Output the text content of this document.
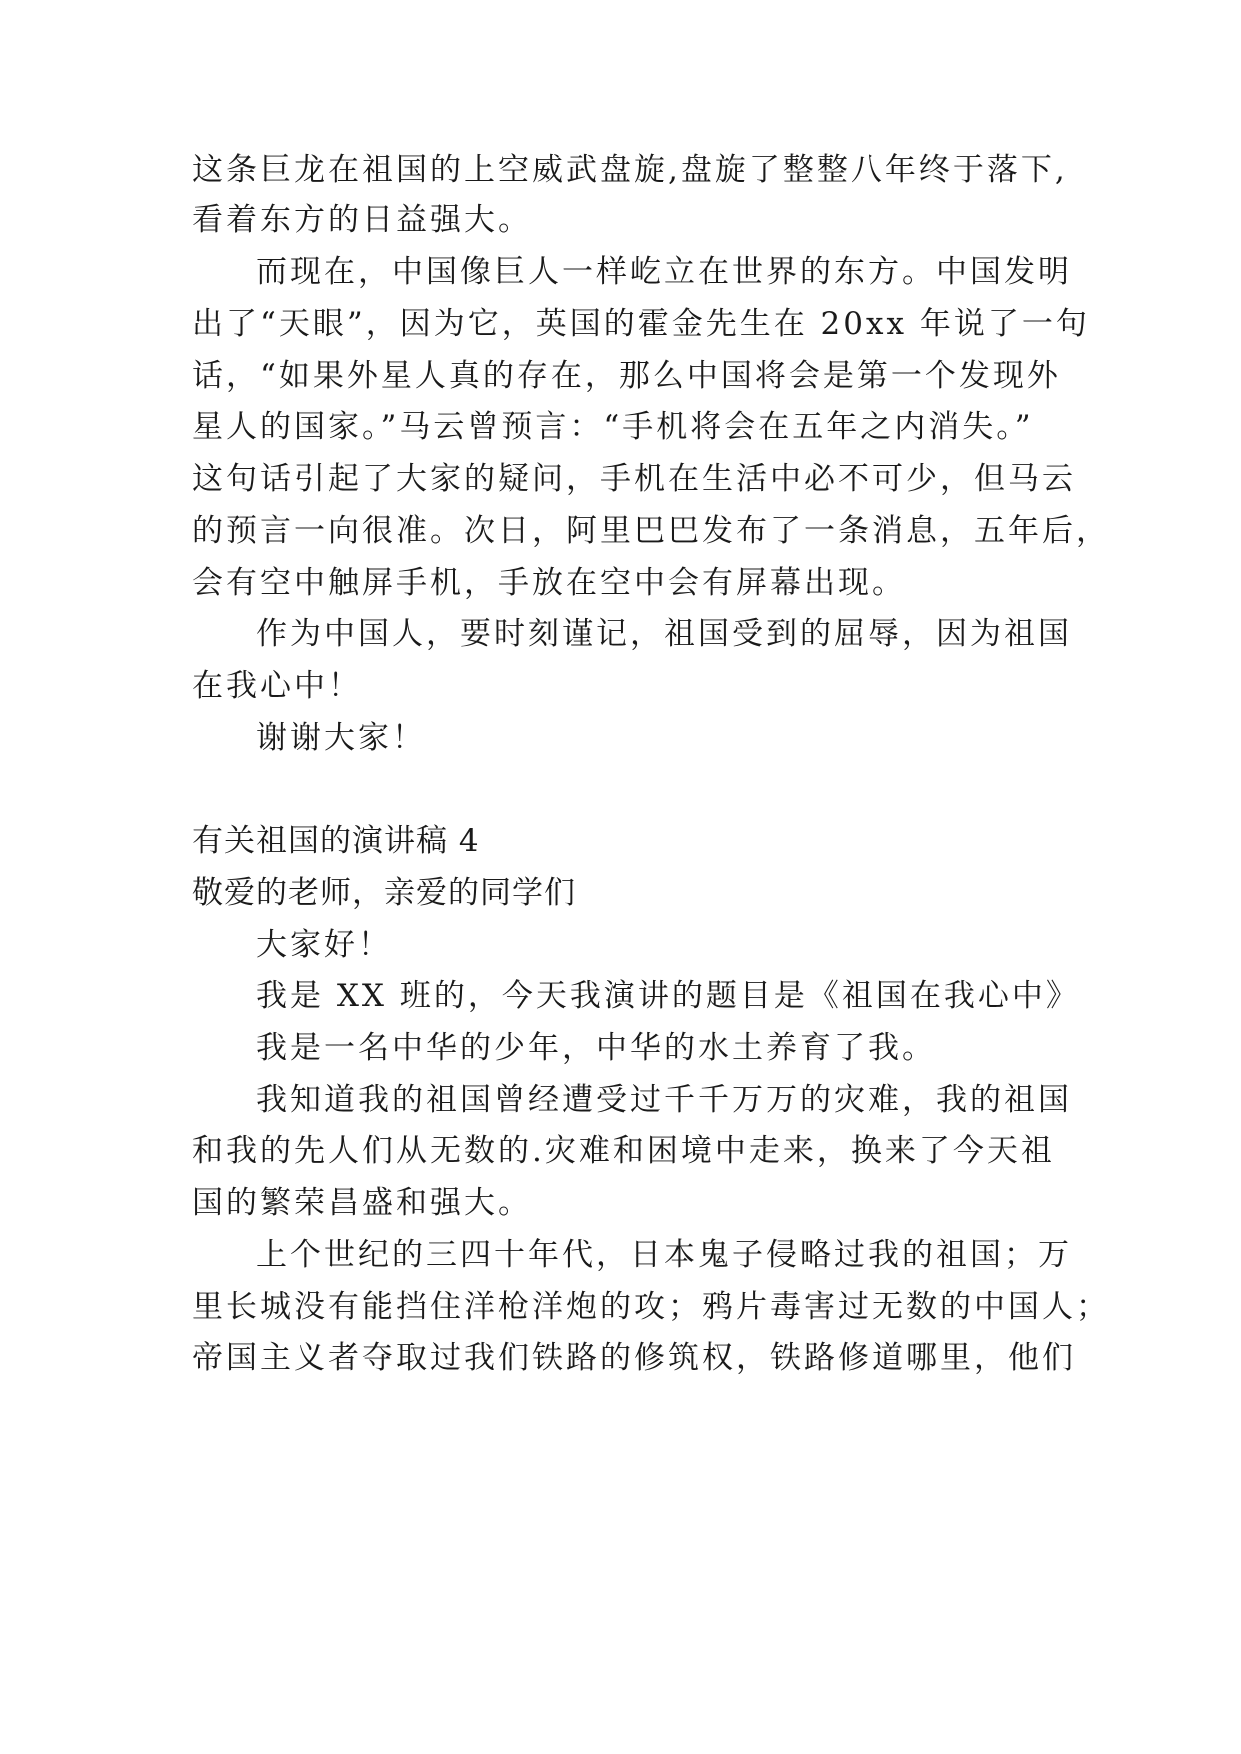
这条巨龙在祖国的上空威武盘旋,盘旋了整整八年终于落下,
看着东方的日益强大。
而现在，中国像巨人一样屹立在世界的东方。中国发明
出了“天眼”，因为它，英国的霍金先生在 20xx 年说了一句
话，“如果外星人真的存在，那么中国将会是第一个发现外
星人的国家。”马云曾预言：“手机将会在五年之内消失。”
这句话引起了大家的疑问，手机在生活中必不可少，但马云
的预言一向很准。次日，阿里巴巴发布了一条消息，五年后，
会有空中触屏手机，手放在空中会有屏幕出现。
作为中国人，要时刻谨记，祖国受到的屈辱，因为祖国
在我心中！
谢谢大家！
有关祖国的演讲稿 4
敬爱的老师，亲爱的同学们
大家好！
我是 XX 班的，今天我演讲的题目是《祖国在我心中》
我是一名中华的少年，中华的水土养育了我。
我知道我的祖国曾经遭受过千千万万的灾难，我的祖国
和我的先人们从无数的.灾难和困境中走来，换来了今天祖
国的繁荣昌盛和强大。
上个世纪的三四十年代，日本鬼子侵略过我的祖国；万
里长城没有能挡住洋枪洋炮的攻；鸦片毒害过无数的中国人；
帝国主义者夺取过我们铁路的修筑权，铁路修道哪里，他们
